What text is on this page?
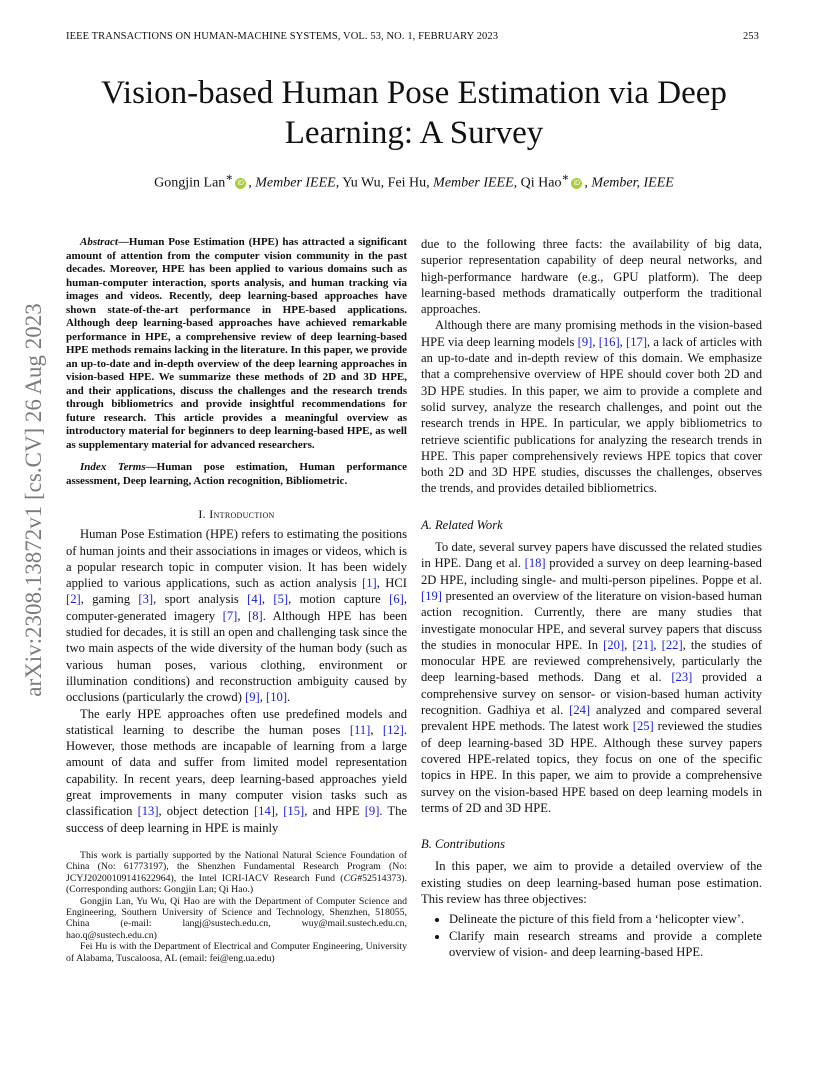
IEEE TRANSACTIONS ON HUMAN-MACHINE SYSTEMS, VOL. 53, NO. 1, FEBRUARY 2023	253
Vision-based Human Pose Estimation via Deep
Learning: A Survey
Gongjin Lan∗ iD , Member IEEE, Yu Wu, Fei Hu, Member IEEE, Qi Hao∗ iD , Member, IEEE
arXiv:2308.13872v1 [cs.CV] 26 Aug 2023

Abstract—Human Pose Estimation (HPE) has attracted a significant amount of attention from the computer vision community in the past decades. Moreover, HPE has been applied to various domains such as human-computer interaction, sports analysis, and human tracking via images and videos. Recently, deep learning-based approaches have shown state-of-the-art performance in HPE-based applications. Although deep learning-based approaches have achieved remarkable performance in HPE, a comprehensive review of deep learning-based HPE methods remains lacking in the literature. In this paper, we provide an up-to-date and in-depth overview of the deep learning approaches in vision-based HPE. We summarize these methods of 2D and 3D HPE, and their applications, discuss the challenges and the research trends through bibliometrics and provide insightful recommendations for future research. This article provides a meaningful overview as introductory material for beginners to deep learning-based HPE, as well as supplementary material for advanced researchers.

Index Terms—Human pose estimation, Human performance assessment, Deep learning, Action recognition, Bibliometric.

I. Introduction

Human Pose Estimation (HPE) refers to estimating the positions of human joints and their associations in images or videos, which is a popular research topic in computer vision. It has been widely applied to various applications, such as action analysis [1], HCI [2], gaming [3], sport analysis [4], [5], motion capture [6], computer-generated imagery [7], [8]. Although HPE has been studied for decades, it is still an open and challenging task since the two main aspects of the wide diversity of the human body (such as various human poses, various clothing, environment or illumination conditions) and reconstruction ambiguity caused by occlusions (particularly the crowd) [9], [10].

The early HPE approaches often use predefined models and statistical learning to describe the human poses [11], [12]. However, those methods are incapable of learning from a large amount of data and suffer from limited model representation capability. In recent years, deep learning-based approaches yield great improvements in many computer vision tasks such as classification [13], object detection [14], [15], and HPE [9]. The success of deep learning in HPE is mainly

This work is partially supported by the National Natural Science Foundation of China (No: 61773197), the Shenzhen Fundamental Research Program (No: JCYJ20200109141622964), the Intel ICRI-IACV Research Fund (CG#52514373). (Corresponding authors: Gongjin Lan; Qi Hao.)

Gongjin Lan, Yu Wu, Qi Hao are with the Department of Computer Science and Engineering, Southern University of Science and Technology, Shenzhen, 518055, China (e-mail: langj@sustech.edu.cn, wuy@mail.sustech.edu.cn, hao.q@sustech.edu.cn)

Fei Hu is with the Department of Electrical and Computer Engineering, University of Alabama, Tuscaloosa, AL (email: fei@eng.ua.edu)

due to the following three facts: the availability of big data, superior representation capability of deep neural networks, and high-performance hardware (e.g., GPU platform). The deep learning-based methods dramatically outperform the traditional approaches.

Although there are many promising methods in the vision-based HPE via deep learning models [9], [16], [17], a lack of articles with an up-to-date and in-depth review of this domain. We emphasize that a comprehensive overview of HPE should cover both 2D and 3D HPE studies. In this paper, we aim to provide a complete and solid survey, analyze the research challenges, and point out the research trends in HPE. In particular, we apply bibliometrics to retrieve scientific publications for analyzing the research trends in HPE. This paper comprehensively reviews HPE topics that cover both 2D and 3D HPE studies, discusses the challenges, observes the trends, and provides detailed bibliometrics.

A. Related Work

To date, several survey papers have discussed the related studies in HPE. Dang et al. [18] provided a survey on deep learning-based 2D HPE, including single- and multi-person pipelines. Poppe et al. [19] presented an overview of the literature on vision-based human action recognition. Currently, there are many studies that investigate monocular HPE, and several survey papers that discuss the studies in monocular HPE. In [20], [21], [22], the studies of monocular HPE are reviewed comprehensively, particularly the deep learning-based methods. Dang et al. [23] provided a comprehensive survey on sensor- or vision-based human activity recognition. Gadhiya et al. [24] analyzed and compared several prevalent HPE methods. The latest work [25] reviewed the studies of deep learning-based 3D HPE. Although these survey papers covered HPE-related topics, they focus on one of the specific topics in HPE. In this paper, we aim to provide a comprehensive survey on the vision-based HPE based on deep learning models in terms of 2D and 3D HPE.

B. Contributions

In this paper, we aim to provide a detailed overview of the existing studies on deep learning-based human pose estimation. This review has three objectives:

• Delineate the picture of this field from a ‘helicopter view’.
• Clarify main research streams and provide a complete overview of vision- and deep learning-based HPE.
